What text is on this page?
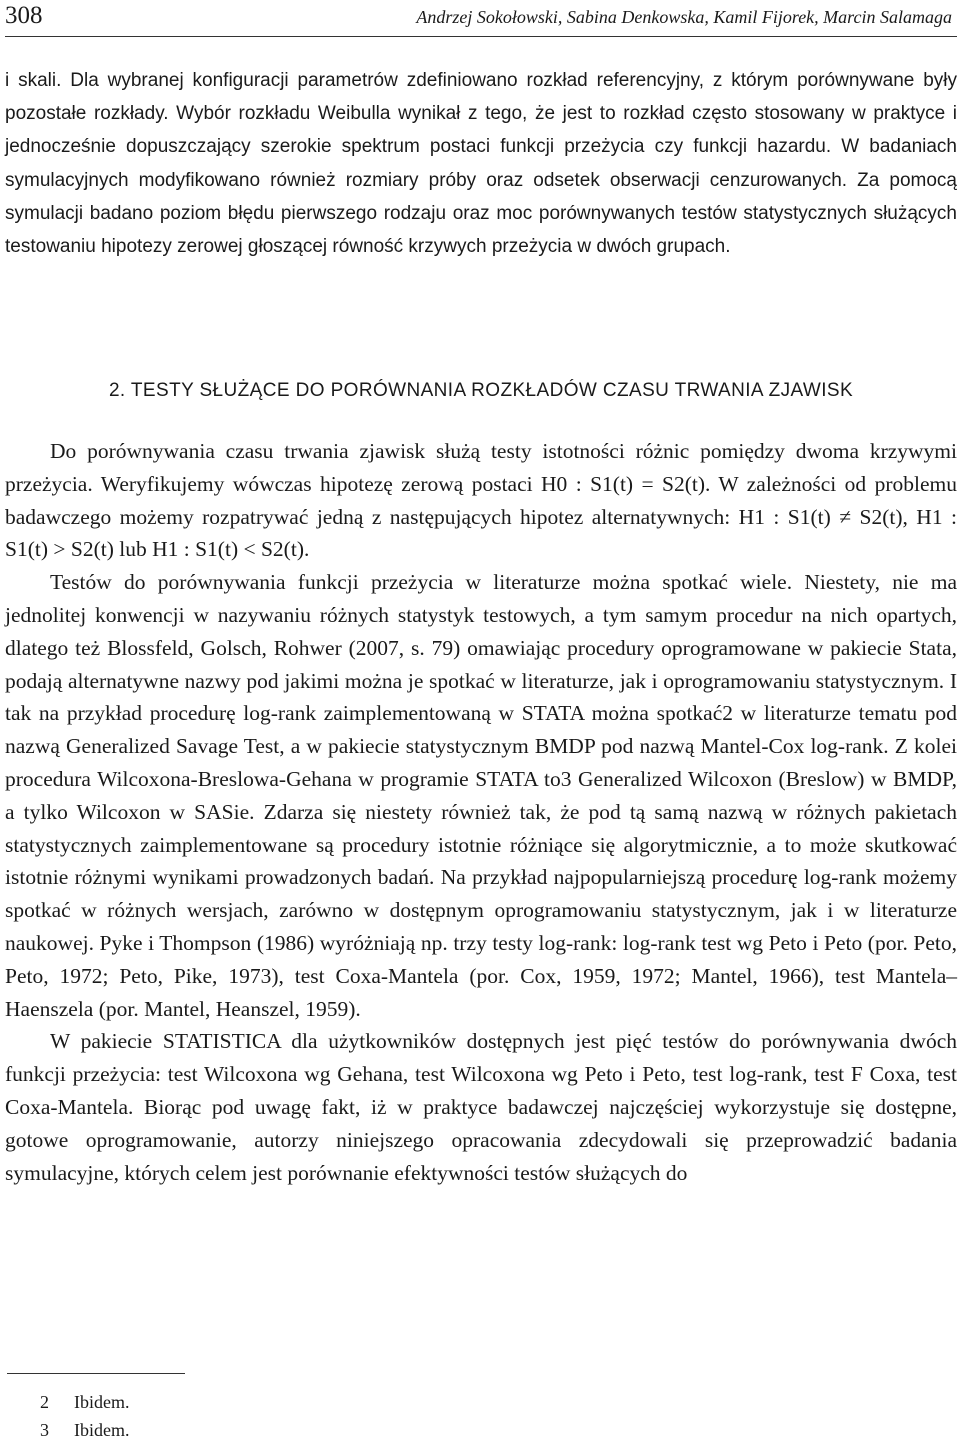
308	Andrzej Sokołowski, Sabina Denkowska, Kamil Fijorek, Marcin Salamaga

i skali. Dla wybranej konfiguracji parametrów zdefiniowano rozkład referencyjny, z którym porównywane były pozostałe rozkłady. Wybór rozkładu Weibulla wynikał z tego, że jest to rozkład często stosowany w praktyce i jednocześnie dopuszczający szerokie spektrum postaci funkcji przeżycia czy funkcji hazardu. W badaniach symulacyjnych modyfikowano również rozmiary próby oraz odsetek obserwacji cenzurowanych. Za pomocą symulacji badano poziom błędu pierwszego rodzaju oraz moc porównywanych testów statystycznych służących testowaniu hipotezy zerowej głoszącej równość krzywych przeżycia w dwóch grupach.

2. TESTY SŁUŻĄCE DO PORÓWNANIA ROZKŁADÓW CZASU TRWANIA ZJAWISK

Do porównywania czasu trwania zjawisk służą testy istotności różnic pomiędzy dwoma krzywymi przeżycia. Weryfikujemy wówczas hipotezę zerową postaci H0 : S1(t) = S2(t). W zależności od problemu badawczego możemy rozpatrywać jedną z następujących hipotez alternatywnych: H1 : S1(t) ≠ S2(t), H1 : S1(t) > S2(t) lub H1 : S1(t) < S2(t).

Testów do porównywania funkcji przeżycia w literaturze można spotkać wiele. Niestety, nie ma jednolitej konwencji w nazywaniu różnych statystyk testowych, a tym samym procedur na nich opartych, dlatego też Blossfeld, Golsch, Rohwer (2007, s. 79) omawiając procedury oprogramowane w pakiecie Stata, podają alternatywne nazwy pod jakimi można je spotkać w literaturze, jak i oprogramowaniu statystycznym. I tak na przykład procedurę log-rank zaimplementowaną w STATA można spotkać2 w literaturze tematu pod nazwą Generalized Savage Test, a w pakiecie statystycznym BMDP pod nazwą Mantel-Cox log-rank. Z kolei procedura Wilcoxona-Breslowa-Gehana w programie STATA to3 Generalized Wilcoxon (Breslow) w BMDP, a tylko Wilcoxon w SASie. Zdarza się niestety również tak, że pod tą samą nazwą w różnych pakietach statystycznych zaimplementowane są procedury istotnie różniące się algorytmicznie, a to może skutkować istotnie różnymi wynikami prowadzonych badań. Na przykład najpopularniejszą procedurę log-rank możemy spotkać w różnych wersjach, zarówno w dostępnym oprogramowaniu statystycznym, jak i w literaturze naukowej. Pyke i Thompson (1986) wyróżniają np. trzy testy log-rank: log-rank test wg Peto i Peto (por. Peto, Peto, 1972; Peto, Pike, 1973), test Coxa-Mantela (por. Cox, 1959, 1972; Mantel, 1966), test Mantela–Haenszela (por. Mantel, Heanszel, 1959).

W pakiecie STATISTICA dla użytkowników dostępnych jest pięć testów do porównywania dwóch funkcji przeżycia: test Wilcoxona wg Gehana, test Wilcoxona wg Peto i Peto, test log-rank, test F Coxa, test Coxa-Mantela. Biorąc pod uwagę fakt, iż w praktyce badawczej najczęściej wykorzystuje się dostępne, gotowe oprogramowanie, autorzy niniejszego opracowania zdecydowali się przeprowadzić badania symulacyjne, których celem jest porównanie efektywności testów służących do

2	Ibidem.
3	Ibidem.
